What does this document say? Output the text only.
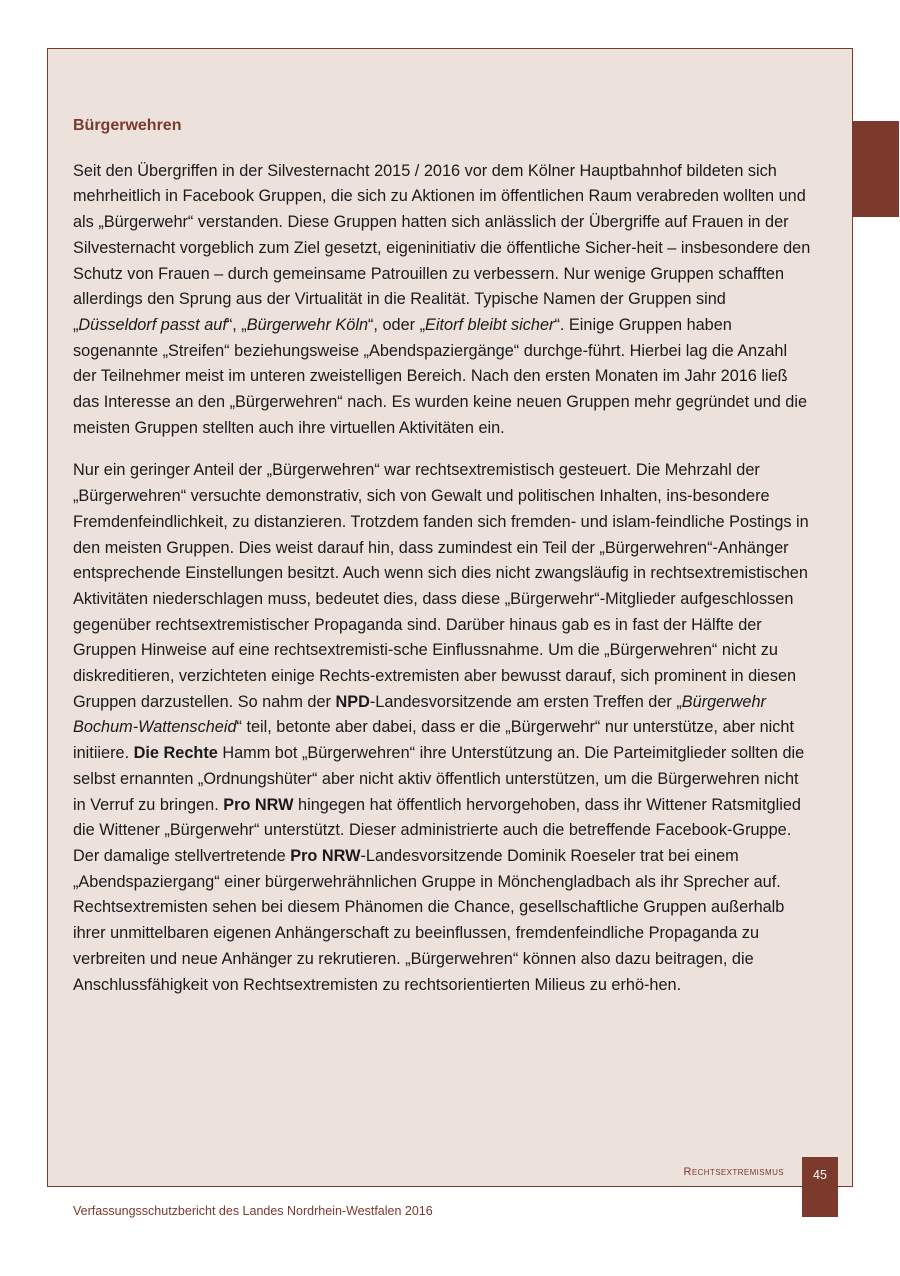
Bürgerwehren

Seit den Übergriffen in der Silvesternacht 2015 / 2016 vor dem Kölner Hauptbahnhof bildeten sich mehrheitlich in Facebook Gruppen, die sich zu Aktionen im öffentlichen Raum verabreden wollten und als „Bürgerwehr“ verstanden. Diese Gruppen hatten sich anlässlich der Übergriffe auf Frauen in der Silvesternacht vorgeblich zum Ziel gesetzt, eigeninitiativ die öffentliche Sicher-heit – insbesondere den Schutz von Frauen – durch gemeinsame Patrouillen zu verbessern. Nur wenige Gruppen schafften allerdings den Sprung aus der Virtualität in die Realität. Typische Namen der Gruppen sind „Düsseldorf passt auf“, „Bürgerwehr Köln“, oder „Eitorf bleibt sicher“. Einige Gruppen haben sogenannte „Streifen“ beziehungsweise „Abendspaziergänge“ durchge-führt. Hierbei lag die Anzahl der Teilnehmer meist im unteren zweistelligen Bereich. Nach den ersten Monaten im Jahr 2016 ließ das Interesse an den „Bürgerwehren“ nach. Es wurden keine neuen Gruppen mehr gegründet und die meisten Gruppen stellten auch ihre virtuellen Aktivitäten ein.

Nur ein geringer Anteil der „Bürgerwehren“ war rechtsextremistisch gesteuert. Die Mehrzahl der „Bürgerwehren“ versuchte demonstrativ, sich von Gewalt und politischen Inhalten, ins-besondere Fremdenfeindlichkeit, zu distanzieren. Trotzdem fanden sich fremden- und islam-feindliche Postings in den meisten Gruppen. Dies weist darauf hin, dass zumindest ein Teil der „Bürgerwehren“-Anhänger entsprechende Einstellungen besitzt. Auch wenn sich dies nicht zwangsläufig in rechtsextremistischen Aktivitäten niederschlagen muss, bedeutet dies, dass diese „Bürgerwehr“-Mitglieder aufgeschlossen gegenüber rechtsextremistischer Propaganda sind. Darüber hinaus gab es in fast der Hälfte der Gruppen Hinweise auf eine rechtsextremisti-sche Einflussnahme. Um die „Bürgerwehren“ nicht zu diskreditieren, verzichteten einige Rechts-extremisten aber bewusst darauf, sich prominent in diesen Gruppen darzustellen. So nahm der NPD-Landesvorsitzende am ersten Treffen der „Bürgerwehr Bochum-Wattenscheid“ teil, betonte aber dabei, dass er die „Bürgerwehr“ nur unterstütze, aber nicht initiiere. Die Rechte Hamm bot „Bürgerwehren“ ihre Unterstützung an. Die Parteimitglieder sollten die selbst ernannten „Ordnungshüter“ aber nicht aktiv öffentlich unterstützen, um die Bürgerwehren nicht in Verruf zu bringen. Pro NRW hingegen hat öffentlich hervorgehoben, dass ihr Wittener Ratsmitglied die Wittener „Bürgerwehr“ unterstützt. Dieser administrierte auch die betreffende Facebook-Gruppe. Der damalige stellvertretende Pro NRW-Landesvorsitzende Dominik Roeseler trat bei einem „Abendspaziergang“ einer bürgerwehrähnlichen Gruppe in Mönchengladbach als ihr Sprecher auf. Rechtsextremisten sehen bei diesem Phänomen die Chance, gesellschaftliche Gruppen außerhalb ihrer unmittelbaren eigenen Anhängerschaft zu beeinflussen, fremdenfeindliche Propaganda zu verbreiten und neue Anhänger zu rekrutieren. „Bürgerwehren“ können also dazu beitragen, die Anschlussfähigkeit von Rechtsextremisten zu rechtsorientierten Milieus zu erhö-hen.

Rechtsextremismus	45
Verfassungsschutzbericht des Landes Nordrhein-Westfalen 2016
